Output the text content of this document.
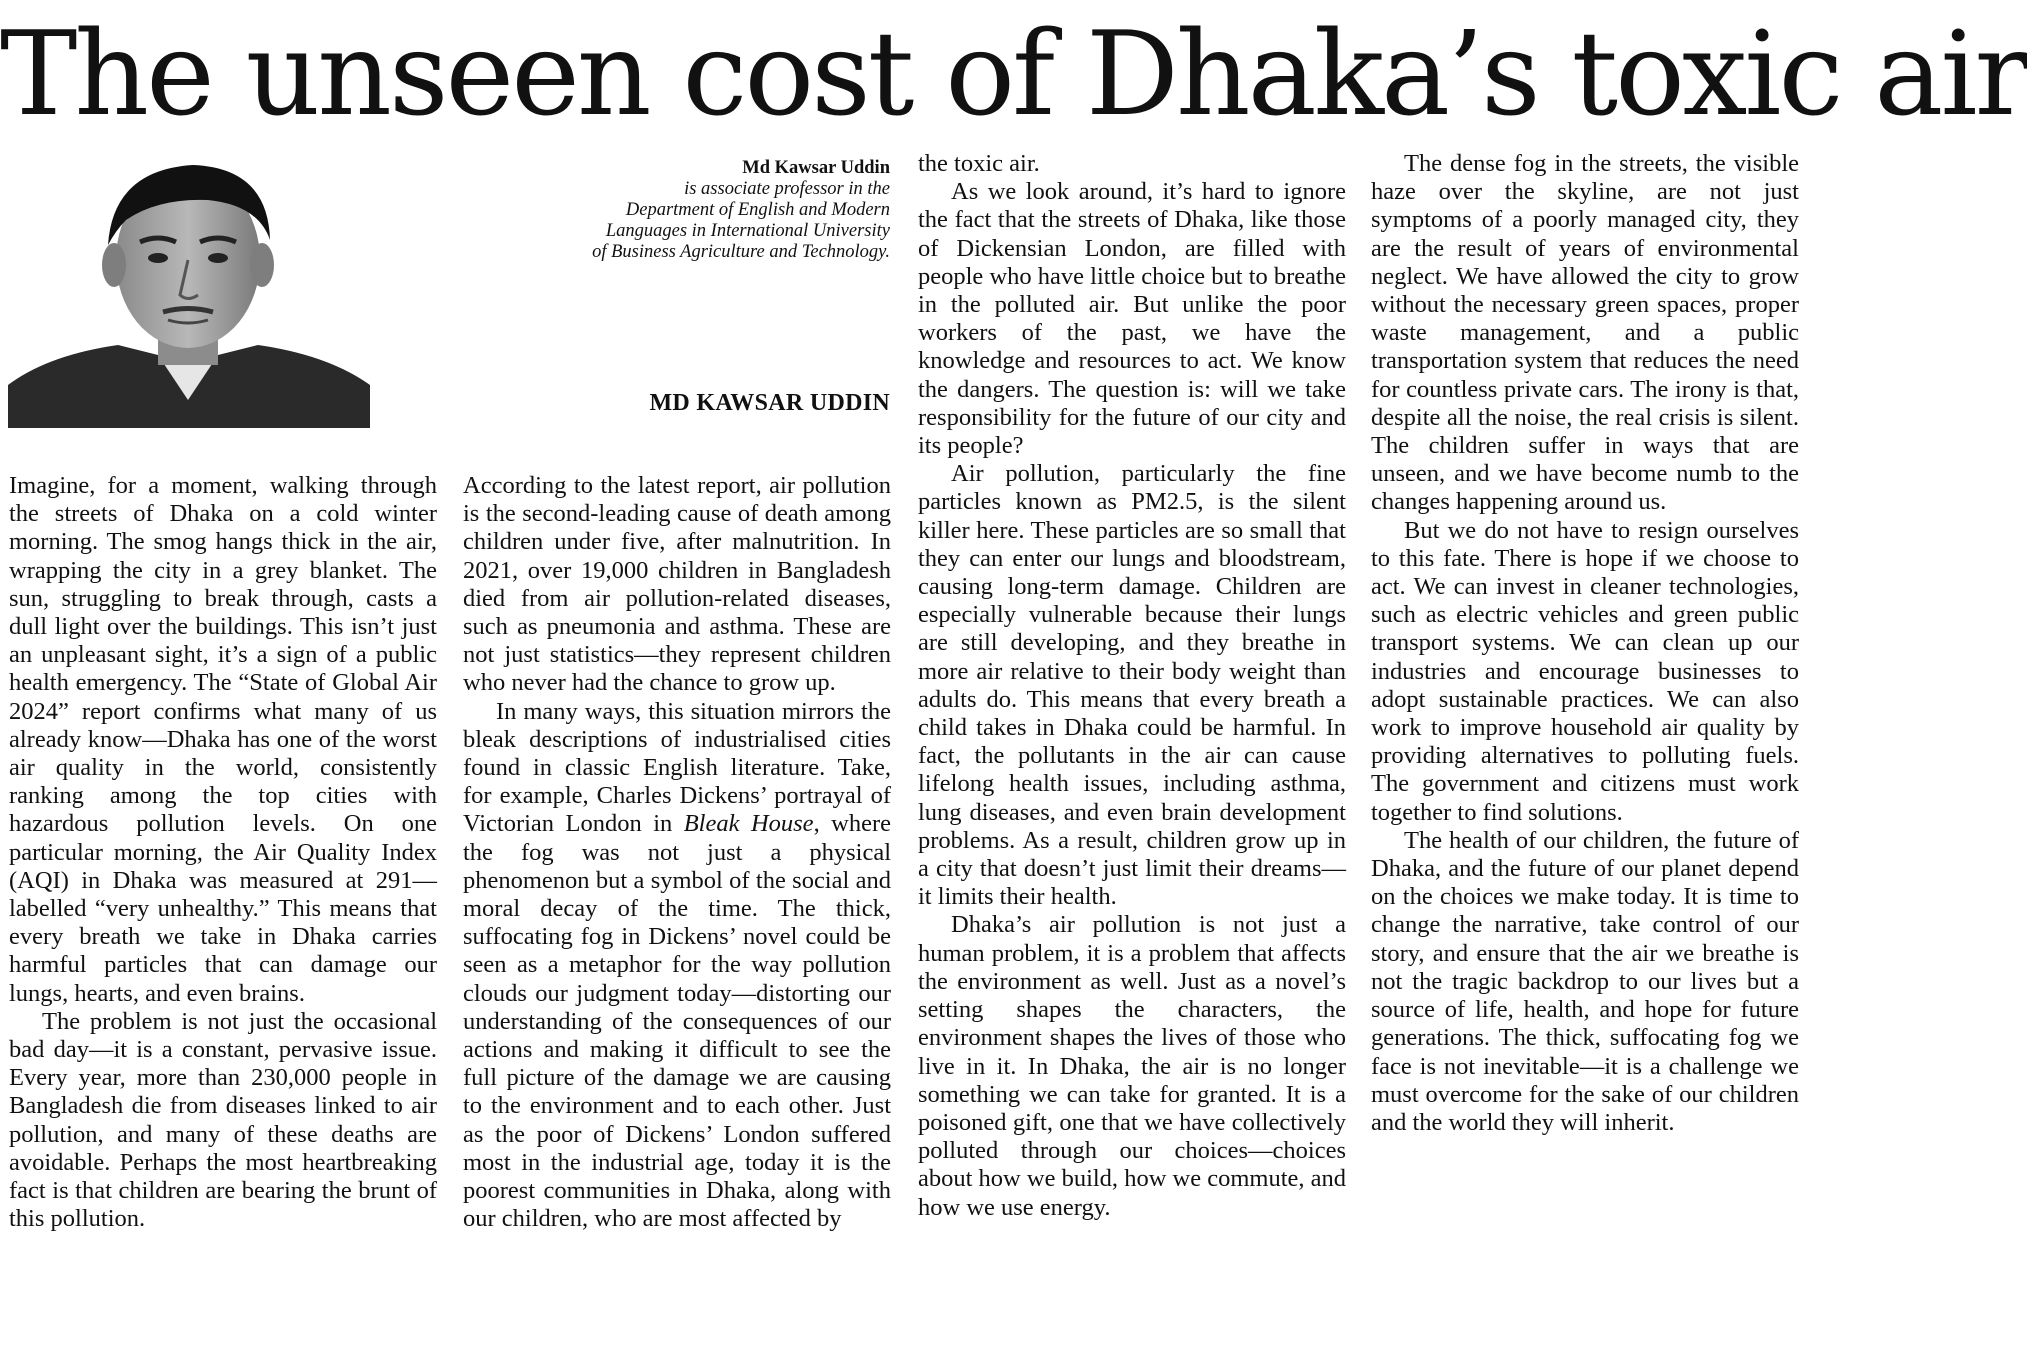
The unseen cost of Dhaka’s toxic air
Md Kawsar Uddin
is associate professor in the
Department of English and Modern
Languages in International University
of Business Agriculture and Technology.
MD KAWSAR UDDIN

Imagine, for a moment, walking through the streets of Dhaka on a cold winter morning. The smog hangs thick in the air, wrapping the city in a grey blanket. The sun, struggling to break through, casts a dull light over the buildings. This isn’t just an unpleasant sight, it’s a sign of a public health emergency. The “State of Global Air 2024” report confirms what many of us already know—Dhaka has one of the worst air quality in the world, consistently ranking among the top cities with hazardous pollution levels. On one particular morning, the Air Quality Index (AQI) in Dhaka was measured at 291—labelled “very unhealthy.” This means that every breath we take in Dhaka carries harmful particles that can damage our lungs, hearts, and even brains.

The problem is not just the occasional bad day—it is a constant, pervasive issue. Every year, more than 230,000 people in Bangladesh die from diseases linked to air pollution, and many of these deaths are avoidable. Perhaps the most heartbreaking fact is that children are bearing the brunt of this pollution.

According to the latest report, air pollution is the second-leading cause of death among children under five, after malnutrition. In 2021, over 19,000 children in Bangladesh died from air pollution-related diseases, such as pneumonia and asthma. These are not just statistics—they represent children who never had the chance to grow up.

In many ways, this situation mirrors the bleak descriptions of industrialised cities found in classic English literature. Take, for example, Charles Dickens’ portrayal of Victorian London in Bleak House, where the fog was not just a physical phenomenon but a symbol of the social and moral decay of the time. The thick, suffocating fog in Dickens’ novel could be seen as a metaphor for the way pollution clouds our judgment today—distorting our understanding of the consequences of our actions and making it difficult to see the full picture of the damage we are causing to the environment and to each other. Just as the poor of Dickens’ London suffered most in the industrial age, today it is the poorest communities in Dhaka, along with our children, who are most affected by

the toxic air.

As we look around, it’s hard to ignore the fact that the streets of Dhaka, like those of Dickensian London, are filled with people who have little choice but to breathe in the polluted air. But unlike the poor workers of the past, we have the knowledge and resources to act. We know the dangers. The question is: will we take responsibility for the future of our city and its people?

Air pollution, particularly the fine particles known as PM2.5, is the silent killer here. These particles are so small that they can enter our lungs and bloodstream, causing long-term damage. Children are especially vulnerable because their lungs are still developing, and they breathe in more air relative to their body weight than adults do. This means that every breath a child takes in Dhaka could be harmful. In fact, the pollutants in the air can cause lifelong health issues, including asthma, lung diseases, and even brain development problems. As a result, children grow up in a city that doesn’t just limit their dreams—it limits their health.

Dhaka’s air pollution is not just a human problem, it is a problem that affects the environment as well. Just as a novel’s setting shapes the characters, the environment shapes the lives of those who live in it. In Dhaka, the air is no longer something we can take for granted. It is a poisoned gift, one that we have collectively polluted through our choices—choices about how we build, how we commute, and how we use energy.

The dense fog in the streets, the visible haze over the skyline, are not just symptoms of a poorly managed city, they are the result of years of environmental neglect. We have allowed the city to grow without the necessary green spaces, proper waste management, and a public transportation system that reduces the need for countless private cars. The irony is that, despite all the noise, the real crisis is silent. The children suffer in ways that are unseen, and we have become numb to the changes happening around us.

But we do not have to resign ourselves to this fate. There is hope if we choose to act. We can invest in cleaner technologies, such as electric vehicles and green public transport systems. We can clean up our industries and encourage businesses to adopt sustainable practices. We can also work to improve household air quality by providing alternatives to polluting fuels. The government and citizens must work together to find solutions.

The health of our children, the future of Dhaka, and the future of our planet depend on the choices we make today. It is time to change the narrative, take control of our story, and ensure that the air we breathe is not the tragic backdrop to our lives but a source of life, health, and hope for future generations. The thick, suffocating fog we face is not inevitable—it is a challenge we must overcome for the sake of our children and the world they will inherit.
